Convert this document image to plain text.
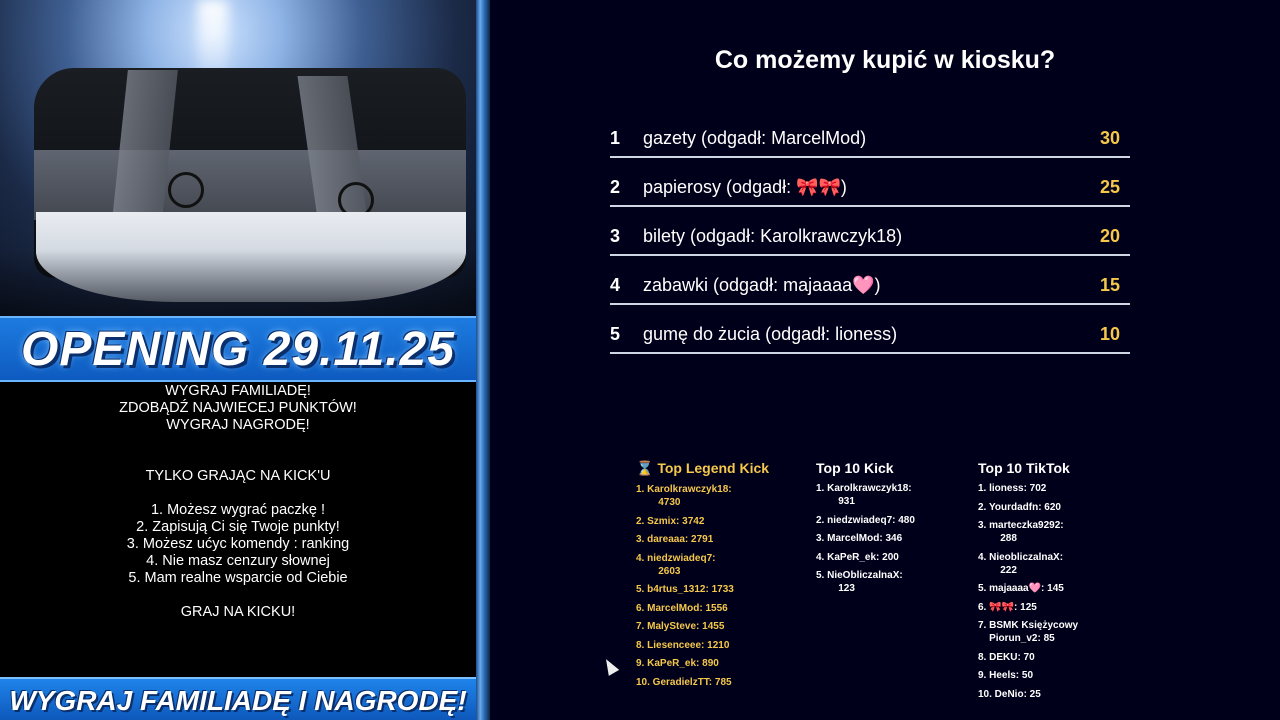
OPENING 29.11.25
WYGRAJ FAMILIADĘ!
ZDOBĄDŹ NAJWIECEJ PUNKTÓW!
WYGRAJ NAGRODĘ!

TYLKO GRAJĄC NA KICK'U

1. Możesz wygrać paczkę !
2. Zapisują Ci się Twoje punkty!
3. Możesz ućyc komendy : ranking
4. Nie masz cenzury słownej
5. Mam realne wsparcie od Ciebie

GRAJ NA KICKU!
WYGRAJ FAMILIADĘ I NAGRODĘ!
Co możemy kupić w kiosku?
1 gazety (odgadł: MarcelMod)	30
2 papierosy (odgadł: 🎀🎀)	25
3 bilety (odgadł: Karolkrawczyk18)	20
4 zabawki (odgadł: majaaaa🩷)	15
5 gumę do żucia (odgadł: lioness)	10
⌛ Top Legend Kick
1. Karolkrawczyk18:
4730
2. Szmix: 3742
3. dareaaa: 2791
4. niedzwiadeq7:
2603
5. b4rtus_1312: 1733
6. MarcelMod: 1556
7. MalySteve: 1455
8. Liesenceee: 1210
9. KaPeR_ek: 890
10. GeradielzTT: 785
Top 10 Kick
1. Karolkrawczyk18:
931
2. niedzwiadeq7: 480
3. MarcelMod: 346
4. KaPeR_ek: 200
5. NieObliczalnaX:
123
Top 10 TikTok
1. lioness: 702
2. Yourdadfn: 620
3. marteczka9292:
288
4. NieobliczalnaX:
222
5. majaaaa🩷: 145
6. 🎀🎀: 125
7. BSMK Księżycowy
Piorun_v2: 85
8. DEKU: 70
9. Heels: 50
10. DeNio: 25
